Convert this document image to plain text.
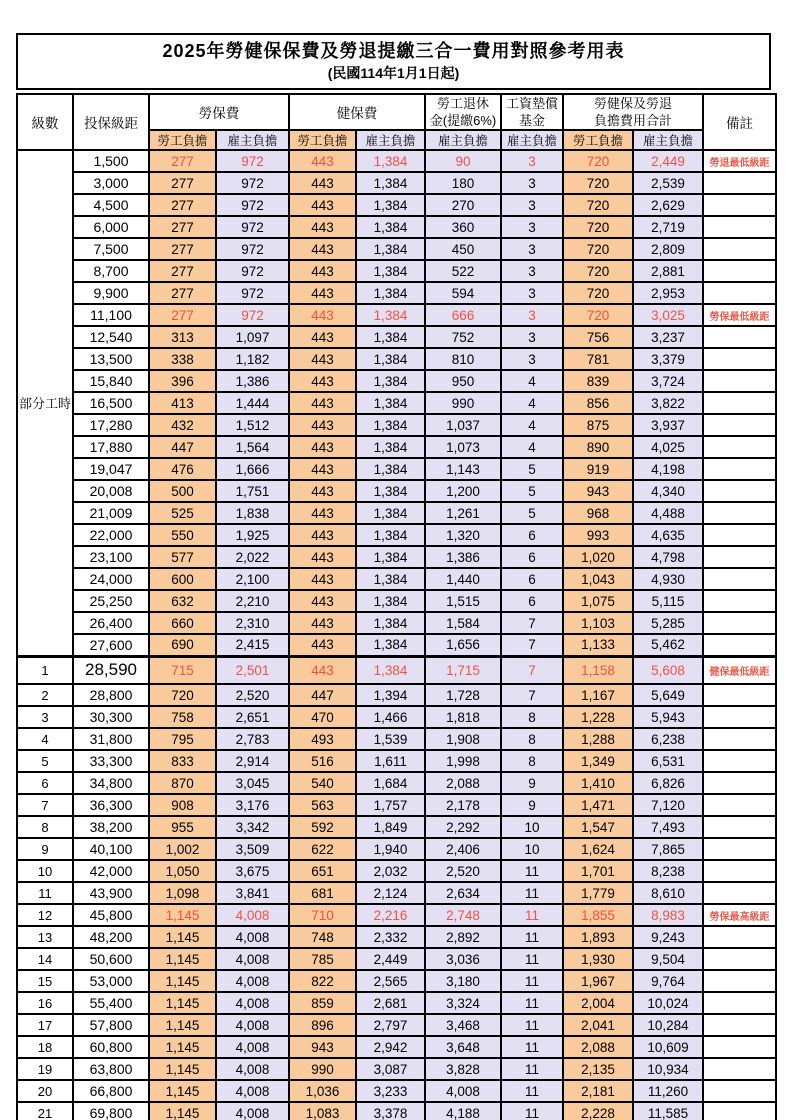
2025年勞健保保費及勞退提繳三合一費用對照參考用表
(民國114年1月1日起)
級數	投保級距	勞保費	健保費	
勞工退休
金(提繳6%)

工資墊償
基金

勞健保及勞退
負擔費用合計	備註
		勞工負擔	雇主負擔	勞工負擔	雇主負擔	雇主負擔	雇主負擔	勞工負擔	雇主負擔	
部分工時	1,500	277	972	443	1,384	90	3	720	2,449	勞退最低級距
	3,000	277	972	443	1,384	180	3	720	2,539	
	4,500	277	972	443	1,384	270	3	720	2,629	
	6,000	277	972	443	1,384	360	3	720	2,719	
	7,500	277	972	443	1,384	450	3	720	2,809	
	8,700	277	972	443	1,384	522	3	720	2,881	
	9,900	277	972	443	1,384	594	3	720	2,953	
	11,100	277	972	443	1,384	666	3	720	3,025	勞保最低級距
	12,540	313	1,097	443	1,384	752	3	756	3,237	
	13,500	338	1,182	443	1,384	810	3	781	3,379	
	15,840	396	1,386	443	1,384	950	4	839	3,724	
	16,500	413	1,444	443	1,384	990	4	856	3,822	
	17,280	432	1,512	443	1,384	1,037	4	875	3,937	
	17,880	447	1,564	443	1,384	1,073	4	890	4,025	
	19,047	476	1,666	443	1,384	1,143	5	919	4,198	
	20,008	500	1,751	443	1,384	1,200	5	943	4,340	
	21,009	525	1,838	443	1,384	1,261	5	968	4,488	
	22,000	550	1,925	443	1,384	1,320	6	993	4,635	
	23,100	577	2,022	443	1,384	1,386	6	1,020	4,798	
	24,000	600	2,100	443	1,384	1,440	6	1,043	4,930	
	25,250	632	2,210	443	1,384	1,515	6	1,075	5,115	
	26,400	660	2,310	443	1,384	1,584	7	1,103	5,285	
	27,600	690	2,415	443	1,384	1,656	7	1,133	5,462	
1	28,590	715	2,501	443	1,384	1,715	7	1,158	5,608	健保最低級距
2	28,800	720	2,520	447	1,394	1,728	7	1,167	5,649	
3	30,300	758	2,651	470	1,466	1,818	8	1,228	5,943	
4	31,800	795	2,783	493	1,539	1,908	8	1,288	6,238	
5	33,300	833	2,914	516	1,611	1,998	8	1,349	6,531	
6	34,800	870	3,045	540	1,684	2,088	9	1,410	6,826	
7	36,300	908	3,176	563	1,757	2,178	9	1,471	7,120	
8	38,200	955	3,342	592	1,849	2,292	10	1,547	7,493	
9	40,100	1,002	3,509	622	1,940	2,406	10	1,624	7,865	
10	42,000	1,050	3,675	651	2,032	2,520	11	1,701	8,238	
11	43,900	1,098	3,841	681	2,124	2,634	11	1,779	8,610	
12	45,800	1,145	4,008	710	2,216	2,748	11	1,855	8,983	勞保最高級距
13	48,200	1,145	4,008	748	2,332	2,892	11	1,893	9,243	
14	50,600	1,145	4,008	785	2,449	3,036	11	1,930	9,504	
15	53,000	1,145	4,008	822	2,565	3,180	11	1,967	9,764	
16	55,400	1,145	4,008	859	2,681	3,324	11	2,004	10,024	
17	57,800	1,145	4,008	896	2,797	3,468	11	2,041	10,284	
18	60,800	1,145	4,008	943	2,942	3,648	11	2,088	10,609	
19	63,800	1,145	4,008	990	3,087	3,828	11	2,135	10,934	
20	66,800	1,145	4,008	1,036	3,233	4,008	11	2,181	11,260	
21	69,800	1,145	4,008	1,083	3,378	4,188	11	2,228	11,585	
